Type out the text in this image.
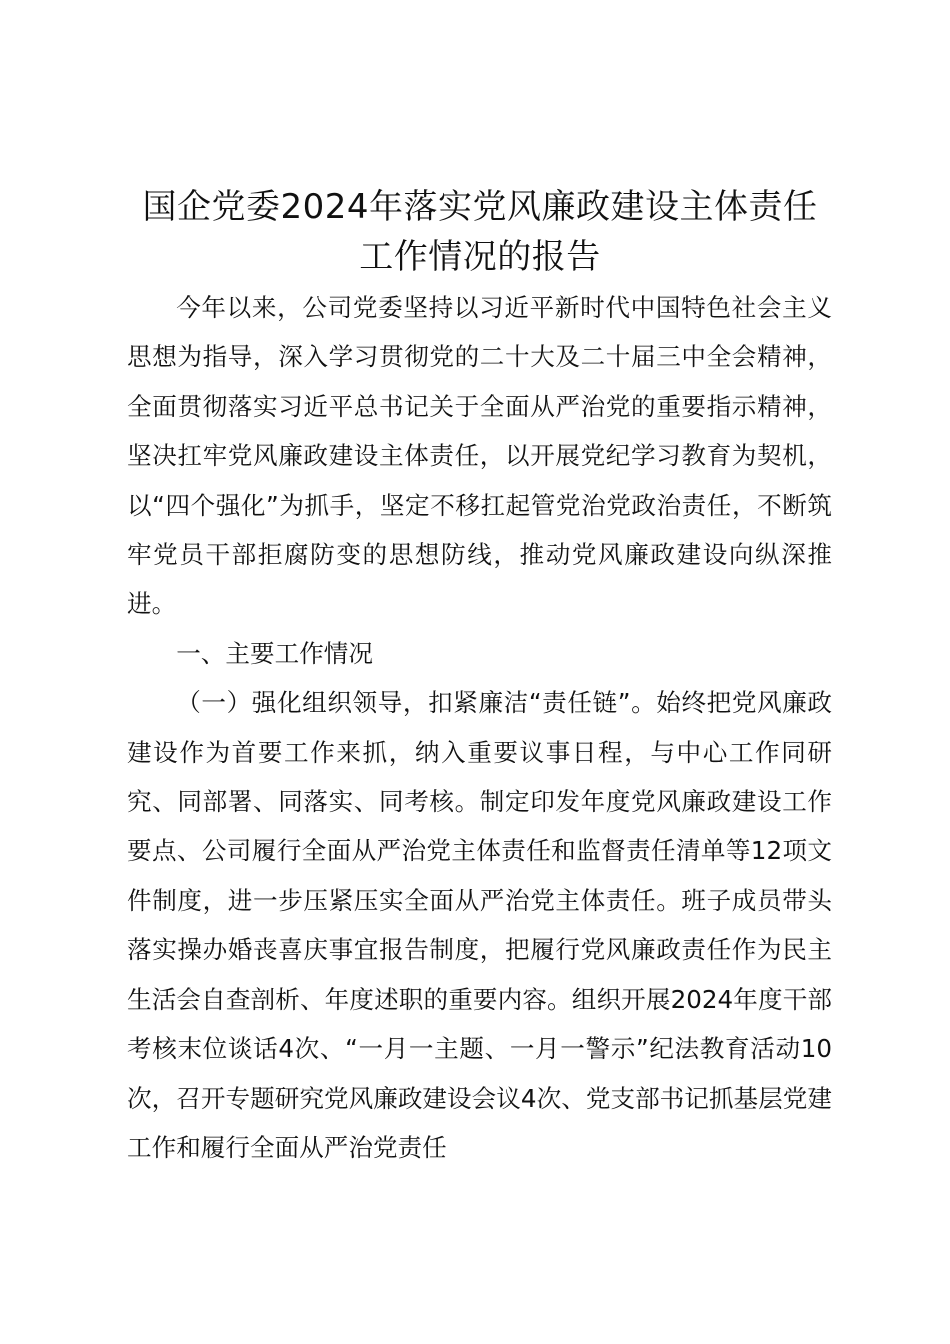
国企党委2024年落实党风廉政建设主体责任
工作情况的报告

今年以来，公司党委坚持以习近平新时代中国特色社会主义思想为指导，深入学习贯彻党的二十大及二十届三中全会精神，全面贯彻落实习近平总书记关于全面从严治党的重要指示精神，坚决扛牢党风廉政建设主体责任，以开展党纪学习教育为契机，以“四个强化”为抓手，坚定不移扛起管党治党政治责任，不断筑牢党员干部拒腐防变的思想防线，推动党风廉政建设向纵深推进。

一、主要工作情况

（一）强化组织领导，扣紧廉洁“责任链”。始终把党风廉政建设作为首要工作来抓，纳入重要议事日程，与中心工作同研究、同部署、同落实、同考核。制定印发年度党风廉政建设工作要点、公司履行全面从严治党主体责任和监督责任清单等12项文件制度，进一步压紧压实全面从严治党主体责任。班子成员带头落实操办婚丧喜庆事宜报告制度，把履行党风廉政责任作为民主生活会自查剖析、年度述职的重要内容。组织开展2024年度干部考核末位谈话4次、“一月一主题、一月一警示”纪法教育活动10次，召开专题研究党风廉政建设会议4次、党支部书记抓基层党建工作和履行全面从严治党责任
